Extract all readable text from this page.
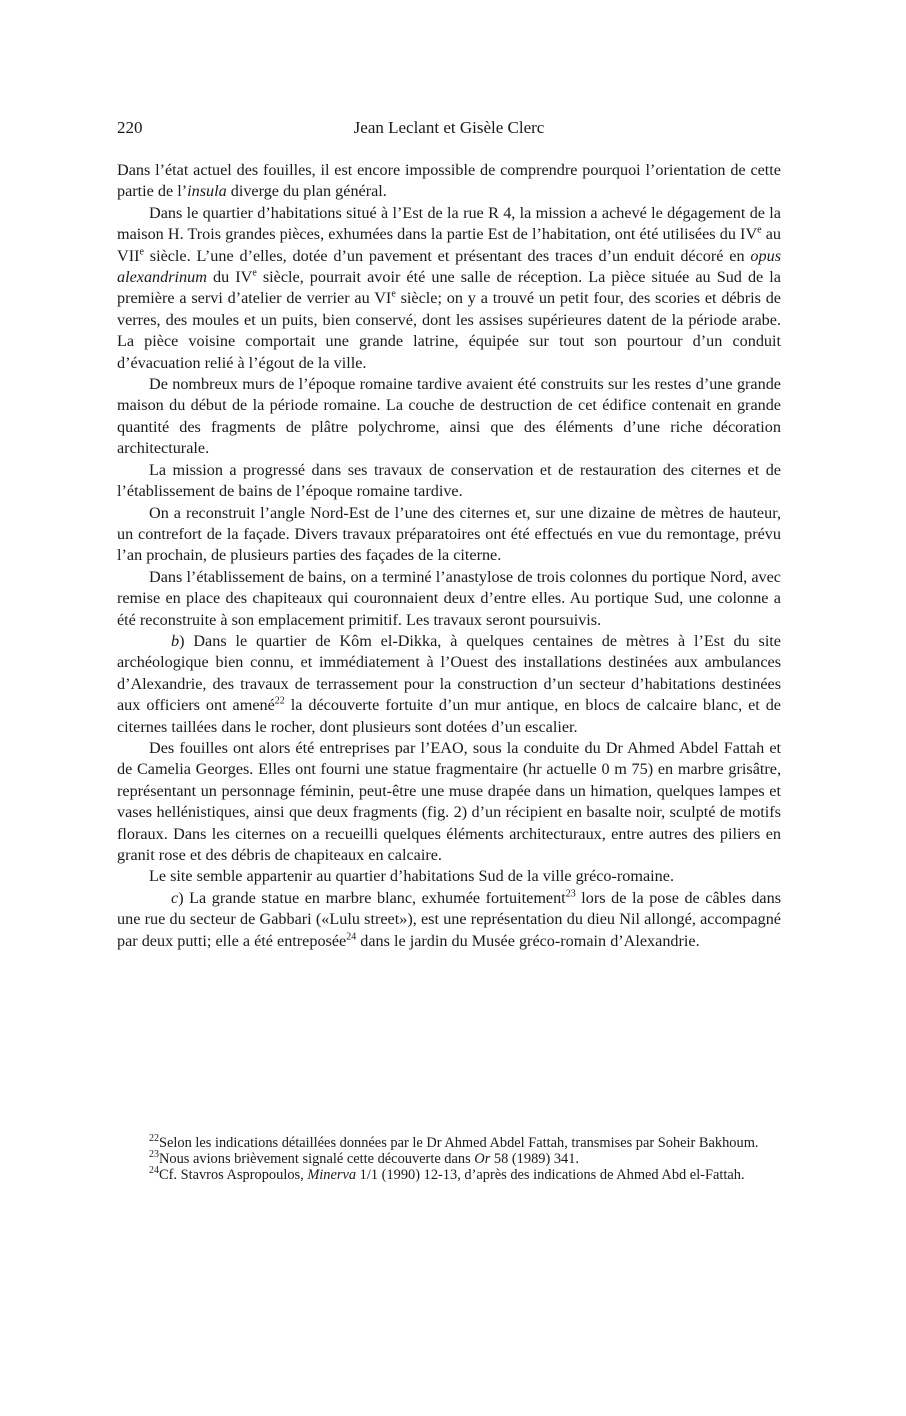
220	Jean Leclant et Gisèle Clerc

Dans l’état actuel des fouilles, il est encore impossible de comprendre pourquoi l’orientation de cette partie de l’insula diverge du plan général.

Dans le quartier d’habitations situé à l’Est de la rue R 4, la mission a achevé le dégagement de la maison H. Trois grandes pièces, exhumées dans la partie Est de l’habitation, ont été utilisées du IVe au VIIe siècle. L’une d’elles, dotée d’un pavement et présentant des traces d’un enduit décoré en opus alexandrinum du IVe siècle, pourrait avoir été une salle de réception. La pièce située au Sud de la première a servi d’atelier de verrier au VIe siècle; on y a trouvé un petit four, des scories et débris de verres, des moules et un puits, bien conservé, dont les assises supérieures datent de la période arabe. La pièce voisine comportait une grande latrine, équipée sur tout son pourtour d’un conduit d’évacuation relié à l’égout de la ville.

De nombreux murs de l’époque romaine tardive avaient été construits sur les restes d’une grande maison du début de la période romaine. La couche de destruction de cet édifice contenait en grande quantité des fragments de plâtre polychrome, ainsi que des éléments d’une riche décoration architecturale.

La mission a progressé dans ses travaux de conservation et de restauration des citernes et de l’établissement de bains de l’époque romaine tardive.

On a reconstruit l’angle Nord-Est de l’une des citernes et, sur une dizaine de mètres de hauteur, un contrefort de la façade. Divers travaux préparatoires ont été effectués en vue du remontage, prévu l’an prochain, de plusieurs parties des façades de la citerne.

Dans l’établissement de bains, on a terminé l’anastylose de trois colonnes du portique Nord, avec remise en place des chapiteaux qui couronnaient deux d’entre elles. Au portique Sud, une colonne a été reconstruite à son emplacement primitif. Les travaux seront poursuivis.

b) Dans le quartier de Kôm el-Dikka, à quelques centaines de mètres à l’Est du site archéologique bien connu, et immédiatement à l’Ouest des installations destinées aux ambulances d’Alexandrie, des travaux de terrassement pour la construction d’un secteur d’habitations destinées aux officiers ont amené$^{22}$ la découverte fortuite d’un mur antique, en blocs de calcaire blanc, et de citernes taillées dans le rocher, dont plusieurs sont dotées d’un escalier.

Des fouilles ont alors été entreprises par l’EAO, sous la conduite du Dr Ahmed Abdel Fattah et de Camelia Georges. Elles ont fourni une statue fragmentaire (hr actuelle 0 m 75) en marbre grisâtre, représentant un personnage féminin, peut-être une muse drapée dans un himation, quelques lampes et vases hellénistiques, ainsi que deux fragments (fig. 2) d’un récipient en basalte noir, sculpté de motifs floraux. Dans les citernes on a recueilli quelques éléments architecturaux, entre autres des piliers en granit rose et des débris de chapiteaux en calcaire.

Le site semble appartenir au quartier d’habitations Sud de la ville gréco-romaine.

c) La grande statue en marbre blanc, exhumée fortuitement$^{23}$ lors de la pose de câbles dans une rue du secteur de Gabbari («Lulu street»), est une représentation du dieu Nil allongé, accompagné par deux putti; elle a été entreposée$^{24}$ dans le jardin du Musée gréco-romain d’Alexandrie.

$^{22}$Selon les indications détaillées données par le Dr Ahmed Abdel Fattah, transmises par Soheir Bakhoum.

$^{23}$Nous avions brièvement signalé cette découverte dans Or 58 (1989) 341.

$^{24}$Cf. Stavros Aspropoulos, Minerva 1/1 (1990) 12-13, d’après des indications de Ahmed Abd el-Fattah.
